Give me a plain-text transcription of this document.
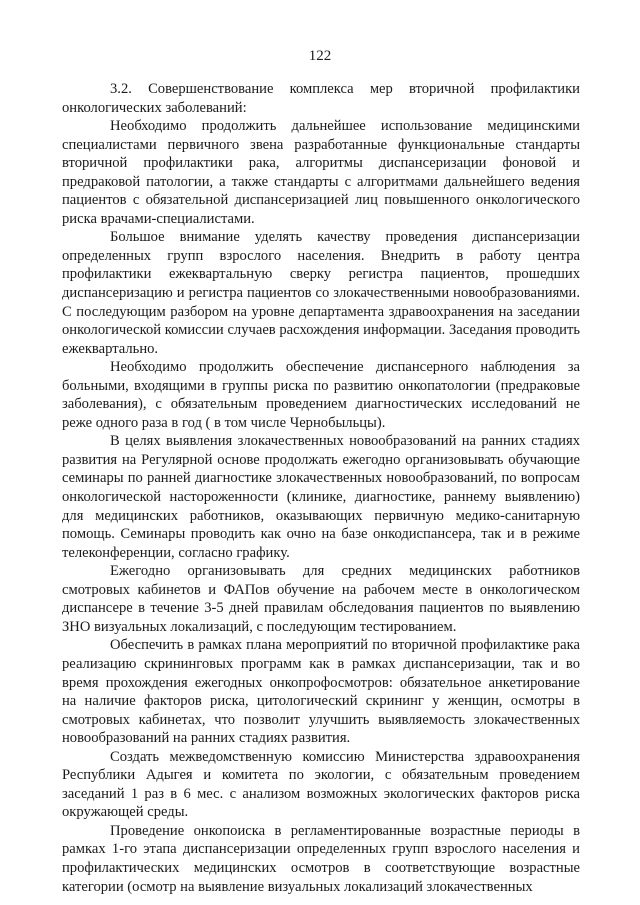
122

3.2. Совершенствование комплекса мер вторичной профилактики онкологических заболеваний:

Необходимо продолжить дальнейшее использование медицинскими специалистами первичного звена разработанные функциональные стандарты вторичной профилактики рака, алгоритмы диспансеризации фоновой и предраковой патологии, а также стандарты с алгоритмами дальнейшего ведения пациентов с обязательной диспансеризацией лиц повышенного онкологического риска врачами-специалистами.

Большое внимание уделять качеству проведения диспансеризации определенных групп взрослого населения. Внедрить в работу центра профилактики ежеквартальную сверку регистра пациентов, прошедших диспансеризацию и регистра пациентов со злокачественными новообразованиями. С последующим разбором на уровне департамента здравоохранения на заседании онкологической комиссии случаев расхождения информации. Заседания проводить ежеквартально.

Необходимо продолжить обеспечение диспансерного наблюдения за больными, входящими в группы риска по развитию онкопатологии (предраковые заболевания), с обязательным проведением диагностических исследований не реже одного раза в год ( в том числе Чернобыльцы).

В целях выявления злокачественных новообразований на ранних стадиях развития на Регулярной основе продолжать ежегодно организовывать обучающие семинары по ранней диагностике злокачественных новообразований, по вопросам онкологической настороженности (клинике, диагностике, раннему выявлению) для медицинских работников, оказывающих первичную медико-санитарную помощь. Семинары проводить как очно на базе онкодиспансера, так и в режиме телеконференции, согласно графику.

Ежегодно организовывать для средних медицинских работников смотровых кабинетов и ФАПов обучение на рабочем месте в онкологическом диспансере в течение 3-5 дней правилам обследования пациентов по выявлению ЗНО визуальных локализаций, с последующим тестированием.

Обеспечить в рамках плана мероприятий по вторичной профилактике рака реализацию скрининговых программ как в рамках диспансеризации, так и во время прохождения ежегодных онкопрофосмотров: обязательное анкетирование на наличие факторов риска, цитологический скрининг у женщин, осмотры в смотровых кабинетах, что позволит улучшить выявляемость злокачественных новообразований на ранних стадиях развития.

Создать межведомственную комиссию Министерства здравоохранения Республики Адыгея и комитета по экологии, с обязательным проведением заседаний 1 раз в 6 мес. с анализом возможных экологических факторов риска окружающей среды.

Проведение онкопоиска в регламентированные возрастные периоды в рамках 1-го этапа диспансеризации определенных групп взрослого населения и профилактических медицинских осмотров в соответствующие возрастные категории (осмотр на выявление визуальных локализаций злокачественных
